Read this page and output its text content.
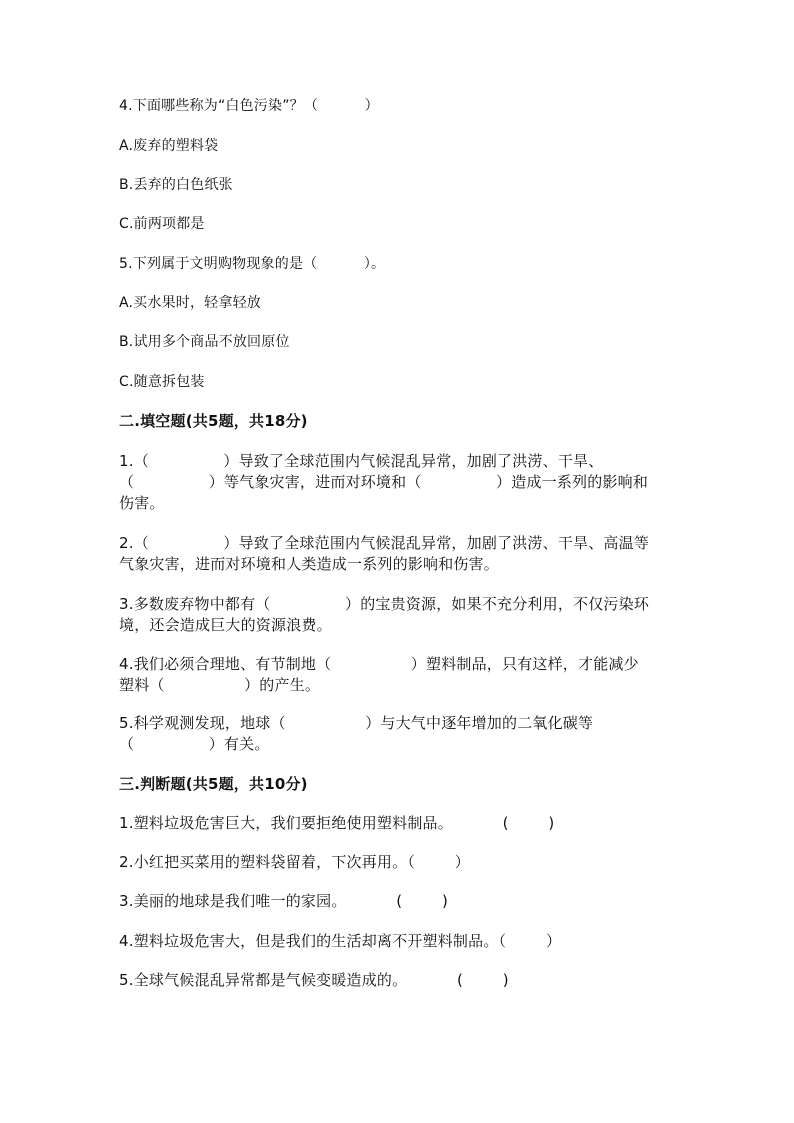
4.下面哪些称为“白色污染”？（          ）
A.废弃的塑料袋
B.丢弃的白色纸张
C.前两项都是
5.下列属于文明购物现象的是（          ）。
A.买水果时，轻拿轻放
B.试用多个商品不放回原位
C.随意拆包装
二.填空题(共5题，共18分)
1.（               ）导致了全球范围内气候混乱异常，加剧了洪涝、干旱、
（               ）等气象灾害，进而对环境和（               ）造成一系列的影响和
伤害。
2.（               ）导致了全球范围内气候混乱异常，加剧了洪涝、干旱、高温等
气象灾害，进而对环境和人类造成一系列的影响和伤害。
3.多数废弃物中都有（               ）的宝贵资源，如果不充分利用，不仅污染环
境，还会造成巨大的资源浪费。
4.我们必须合理地、有节制地（                ）塑料制品，只有这样，才能减少
塑料（                ）的产生。
5.科学观测发现，地球（                ）与大气中逐年增加的二氧化碳等
（               ）有关。
三.判断题(共5题，共10分)
1.塑料垃圾危害巨大，我们要拒绝使用塑料制品。          (        )
2.小红把买菜用的塑料袋留着，下次再用。（        ）
3.美丽的地球是我们唯一的家园。          (        )
4.塑料垃圾危害大，但是我们的生活却离不开塑料制品。（        ）
5.全球气候混乱异常都是气候变暖造成的。          (        )
